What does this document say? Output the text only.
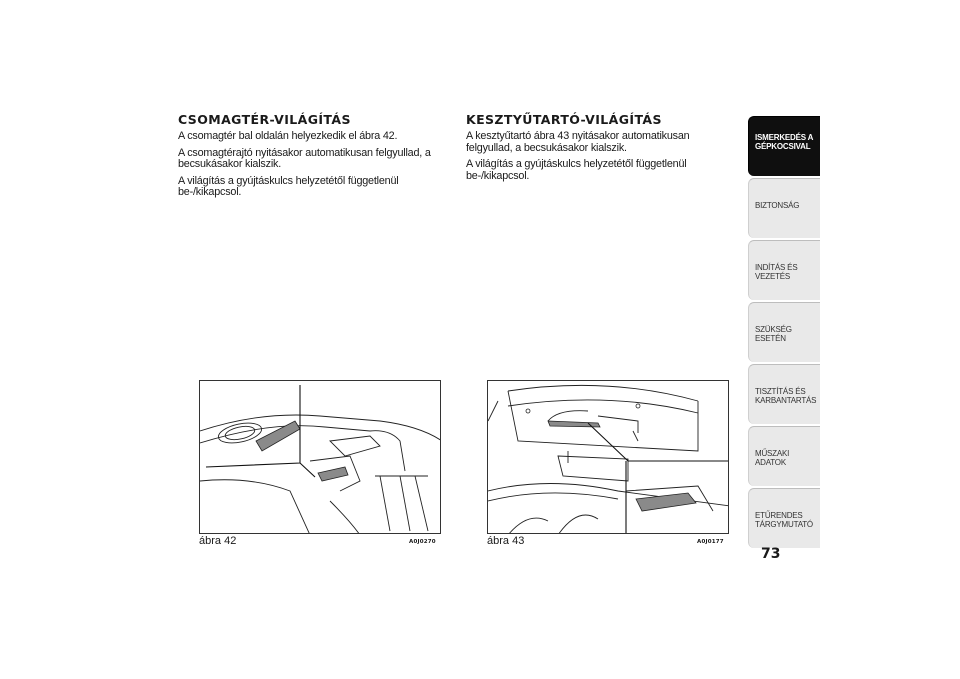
CSOMAGTÉR-VILÁGÍTÁS
A csomagtér bal oldalán helyezkedik el ábra 42.
A csomagtérajtó nyitásakor automatikusan felgyullad, a becsukásakor kialszik.
A világítás a gyújtáskulcs helyzetétől függetlenül be-/kikapcsol.
KESZTYŰTARTÓ-VILÁGÍTÁS
A kesztyűtartó ábra 43 nyitásakor automatikusan felgyullad, a becsukásakor kialszik.
A világítás a gyújtáskulcs helyzetétől függetlenül be-/kikapcsol.
ábra 42	A0J0270	ábra 43	A0J0177
ISMERKEDÉS A
GÉPKOCSIVAL
BIZTONSÁG
INDÍTÁS ÉS VEZETÉS
SZÜKSÉG ESETÉN
TISZTÍTÁS ÉS
KARBANTARTÁS
MŰSZAKI ADATOK
ETŰRENDES
TÁRGYMUTATÓ
73
